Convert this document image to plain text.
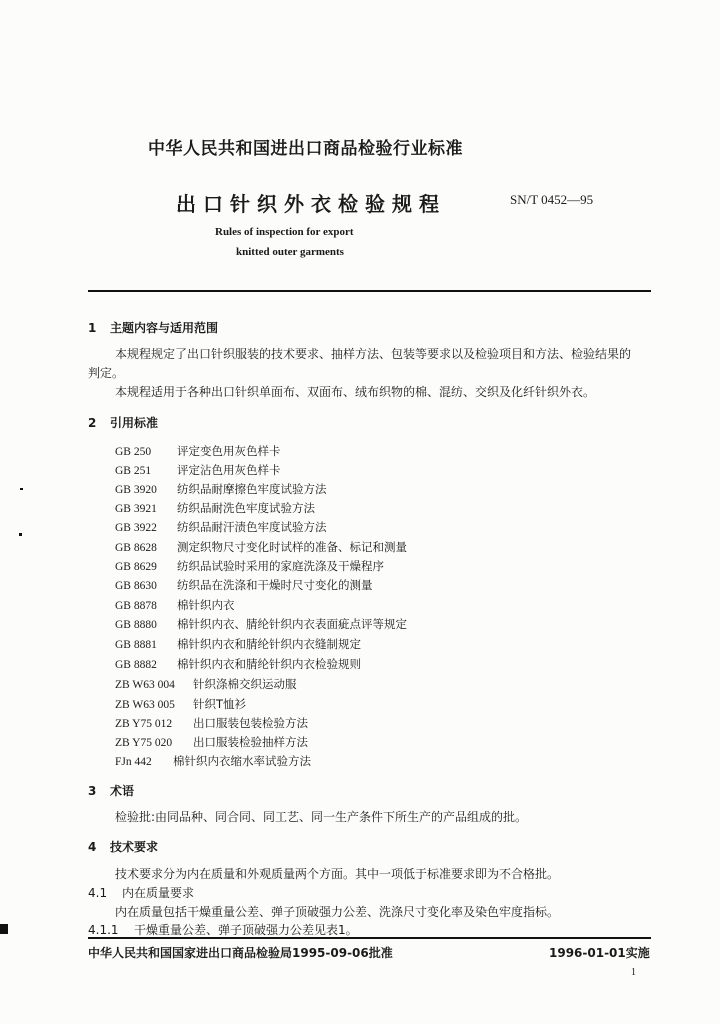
中华人民共和国进出口商品检验行业标准
出口针织外衣检验规程	SN/T 0452—95
Rules of inspection for export
knitted outer garments
1 主题内容与适用范围
本规程规定了出口针织服装的技术要求、抽样方法、包装等要求以及检验项目和方法、检验结果的
判定。
本规程适用于各种出口针织单面布、双面布、绒布织物的棉、混纺、交织及化纤针织外衣。
2 引用标准
GB 250 评定变色用灰色样卡
GB 251 评定沾色用灰色样卡
GB 3920 纺织品耐摩擦色牢度试验方法
GB 3921 纺织品耐洗色牢度试验方法
GB 3922 纺织品耐汗渍色牢度试验方法
GB 8628 测定织物尺寸变化时试样的准备、标记和测量
GB 8629 纺织品试验时采用的家庭洗涤及干燥程序
GB 8630 纺织品在洗涤和干燥时尺寸变化的测量
GB 8878 棉针织内衣
GB 8880 棉针织内衣、腈纶针织内衣表面疵点评等规定
GB 8881 棉针织内衣和腈纶针织内衣缝制规定
GB 8882 棉针织内衣和腈纶针织内衣检验规则
ZB W63 004 针织涤棉交织运动服
ZB W63 005 针织T恤衫
ZB Y75 012 出口服装包装检验方法
ZB Y75 020 出口服装检验抽样方法
FJn 442 棉针织内衣缩水率试验方法
3 术语
检验批:由同品种、同合同、同工艺、同一生产条件下所生产的产品组成的批。
4 技术要求
技术要求分为内在质量和外观质量两个方面。其中一项低于标准要求即为不合格批。
4.1 内在质量要求
内在质量包括干燥重量公差、弹子顶破强力公差、洗涤尺寸变化率及染色牢度指标。
4.1.1 干燥重量公差、弹子顶破强力公差见表1。
中华人民共和国国家进出口商品检验局1995-09-06批准	1996-01-01实施
1
